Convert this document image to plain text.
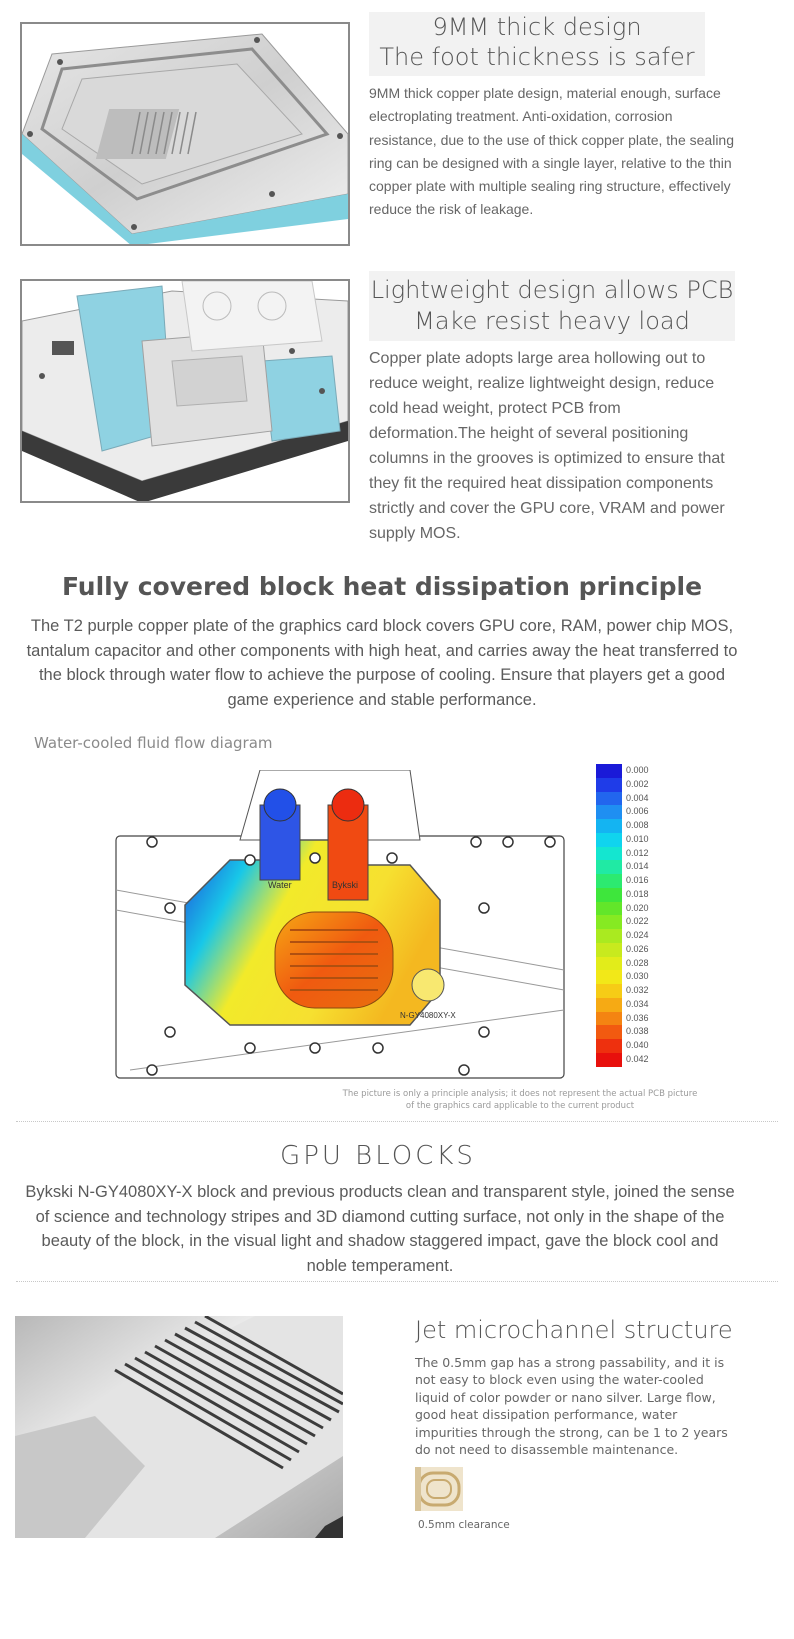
9MM thick design
The foot thickness is safer
9MM thick copper plate design, material enough, surface electroplating treatment. Anti-oxidation, corrosion resistance, due to the use of thick copper plate, the sealing ring can be designed with a single layer, relative to the thin copper plate with multiple sealing ring structure, effectively reduce the risk of leakage.
Lightweight design allows PCB
Make resist heavy load
Copper plate adopts large area hollowing out to reduce weight, realize lightweight design, reduce cold head weight, protect PCB from deformation.The height of several positioning columns in the grooves is optimized to ensure that they fit the required heat dissipation components strictly and cover the GPU core, VRAM and power supply MOS.
Fully covered block heat dissipation principle
The T2 purple copper plate of the graphics card block covers GPU core, RAM, power chip MOS, tantalum capacitor and other components with high heat, and carries away the heat transferred to the block through water flow to achieve the purpose of cooling. Ensure that players get a good game experience and stable performance.
Water-cooled fluid flow diagram
Water	Bykski
N-GY4080XY-X
0.000
0.002
0.004
0.006
0.008
0.010
0.012
0.014
0.016
0.018
0.020
0.022
0.024
0.026
0.028
0.030
0.032
0.034
0.036
0.038
0.040
0.042
The picture is only a principle analysis; it does not represent the actual PCB picture
of the graphics card applicable to the current product
GPU BLOCKS
Bykski N-GY4080XY-X block and previous products clean and transparent style, joined the sense of science and technology stripes and 3D diamond cutting surface, not only in the shape of the beauty of the block, in the visual light and shadow staggered impact, gave the block cool and noble temperament.
Jet microchannel structure
The 0.5mm gap has a strong passability, and it is not easy to block even using the water-cooled liquid of color powder or nano silver. Large flow, good heat dissipation performance, water impurities through the strong, can be 1 to 2 years do not need to disassemble maintenance.
0.5mm clearance
